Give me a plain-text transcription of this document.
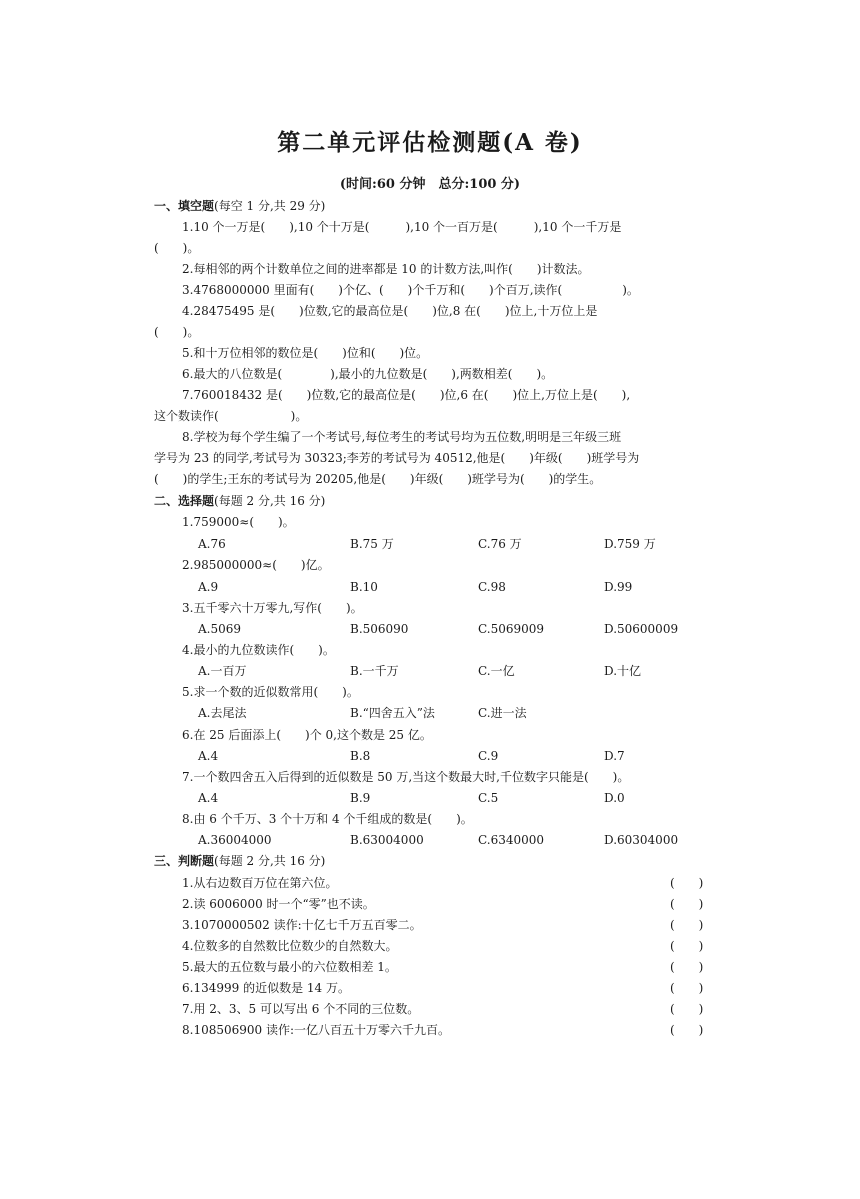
第二单元评估检测题(A 卷)
(时间:60 分钟　总分:100 分)
一、填空题(每空 1 分,共 29 分)
1.10 个一万是(　　),10 个十万是(　　　),10 个一百万是(　　　),10 个一千万是
(　　)。
2.每相邻的两个计数单位之间的进率都是 10 的计数方法,叫作(　　)计数法。
3.4768000000 里面有(　　)个亿、(　　)个千万和(　　)个百万,读作(　　　　　)。
4.28475495 是(　　)位数,它的最高位是(　　)位,8 在(　　)位上,十万位上是
(　　)。
5.和十万位相邻的数位是(　　)位和(　　)位。
6.最大的八位数是(　　　　),最小的九位数是(　　),两数相差(　　)。
7.760018432 是(　　)位数,它的最高位是(　　)位,6 在(　　)位上,万位上是(　　),
这个数读作(　　　　　　)。
8.学校为每个学生编了一个考试号,每位考生的考试号均为五位数,明明是三年级三班
学号为 23 的同学,考试号为 30323;李芳的考试号为 40512,他是(　　)年级(　　)班学号为
(　　)的学生;王东的考试号为 20205,他是(　　)年级(　　)班学号为(　　)的学生。
二、选择题(每题 2 分,共 16 分)
1.759000≈(　　)。
A.76	B.75 万	C.76 万	D.759 万
2.985000000≈(　　)亿。
A.9	B.10	C.98	D.99
3.五千零六十万零九,写作(　　)。
A.5069	B.506090	C.5069009	D.50600009
4.最小的九位数读作(　　)。
A.一百万	B.一千万	C.一亿	D.十亿
5.求一个数的近似数常用(　　)。
A.去尾法	B.“四舍五入”法	C.进一法
6.在 25 后面添上(　　)个 0,这个数是 25 亿。
A.4	B.8	C.9	D.7
7.一个数四舍五入后得到的近似数是 50 万,当这个数最大时,千位数字只能是(　　)。
A.4	B.9	C.5	D.0
8.由 6 个千万、3 个十万和 4 个千组成的数是(　　)。
A.36004000	B.63004000	C.6340000	D.60304000
三、判断题(每题 2 分,共 16 分)
1.从右边数百万位在第六位。	(　　)
2.读 6006000 时一个“零”也不读。	(　　)
3.1070000502 读作:十亿七千万五百零二。	(　　)
4.位数多的自然数比位数少的自然数大。	(　　)
5.最大的五位数与最小的六位数相差 1。	(　　)
6.134999 的近似数是 14 万。	(　　)
7.用 2、3、5 可以写出 6 个不同的三位数。	(　　)
8.108506900 读作:一亿八百五十万零六千九百。	(　　)
